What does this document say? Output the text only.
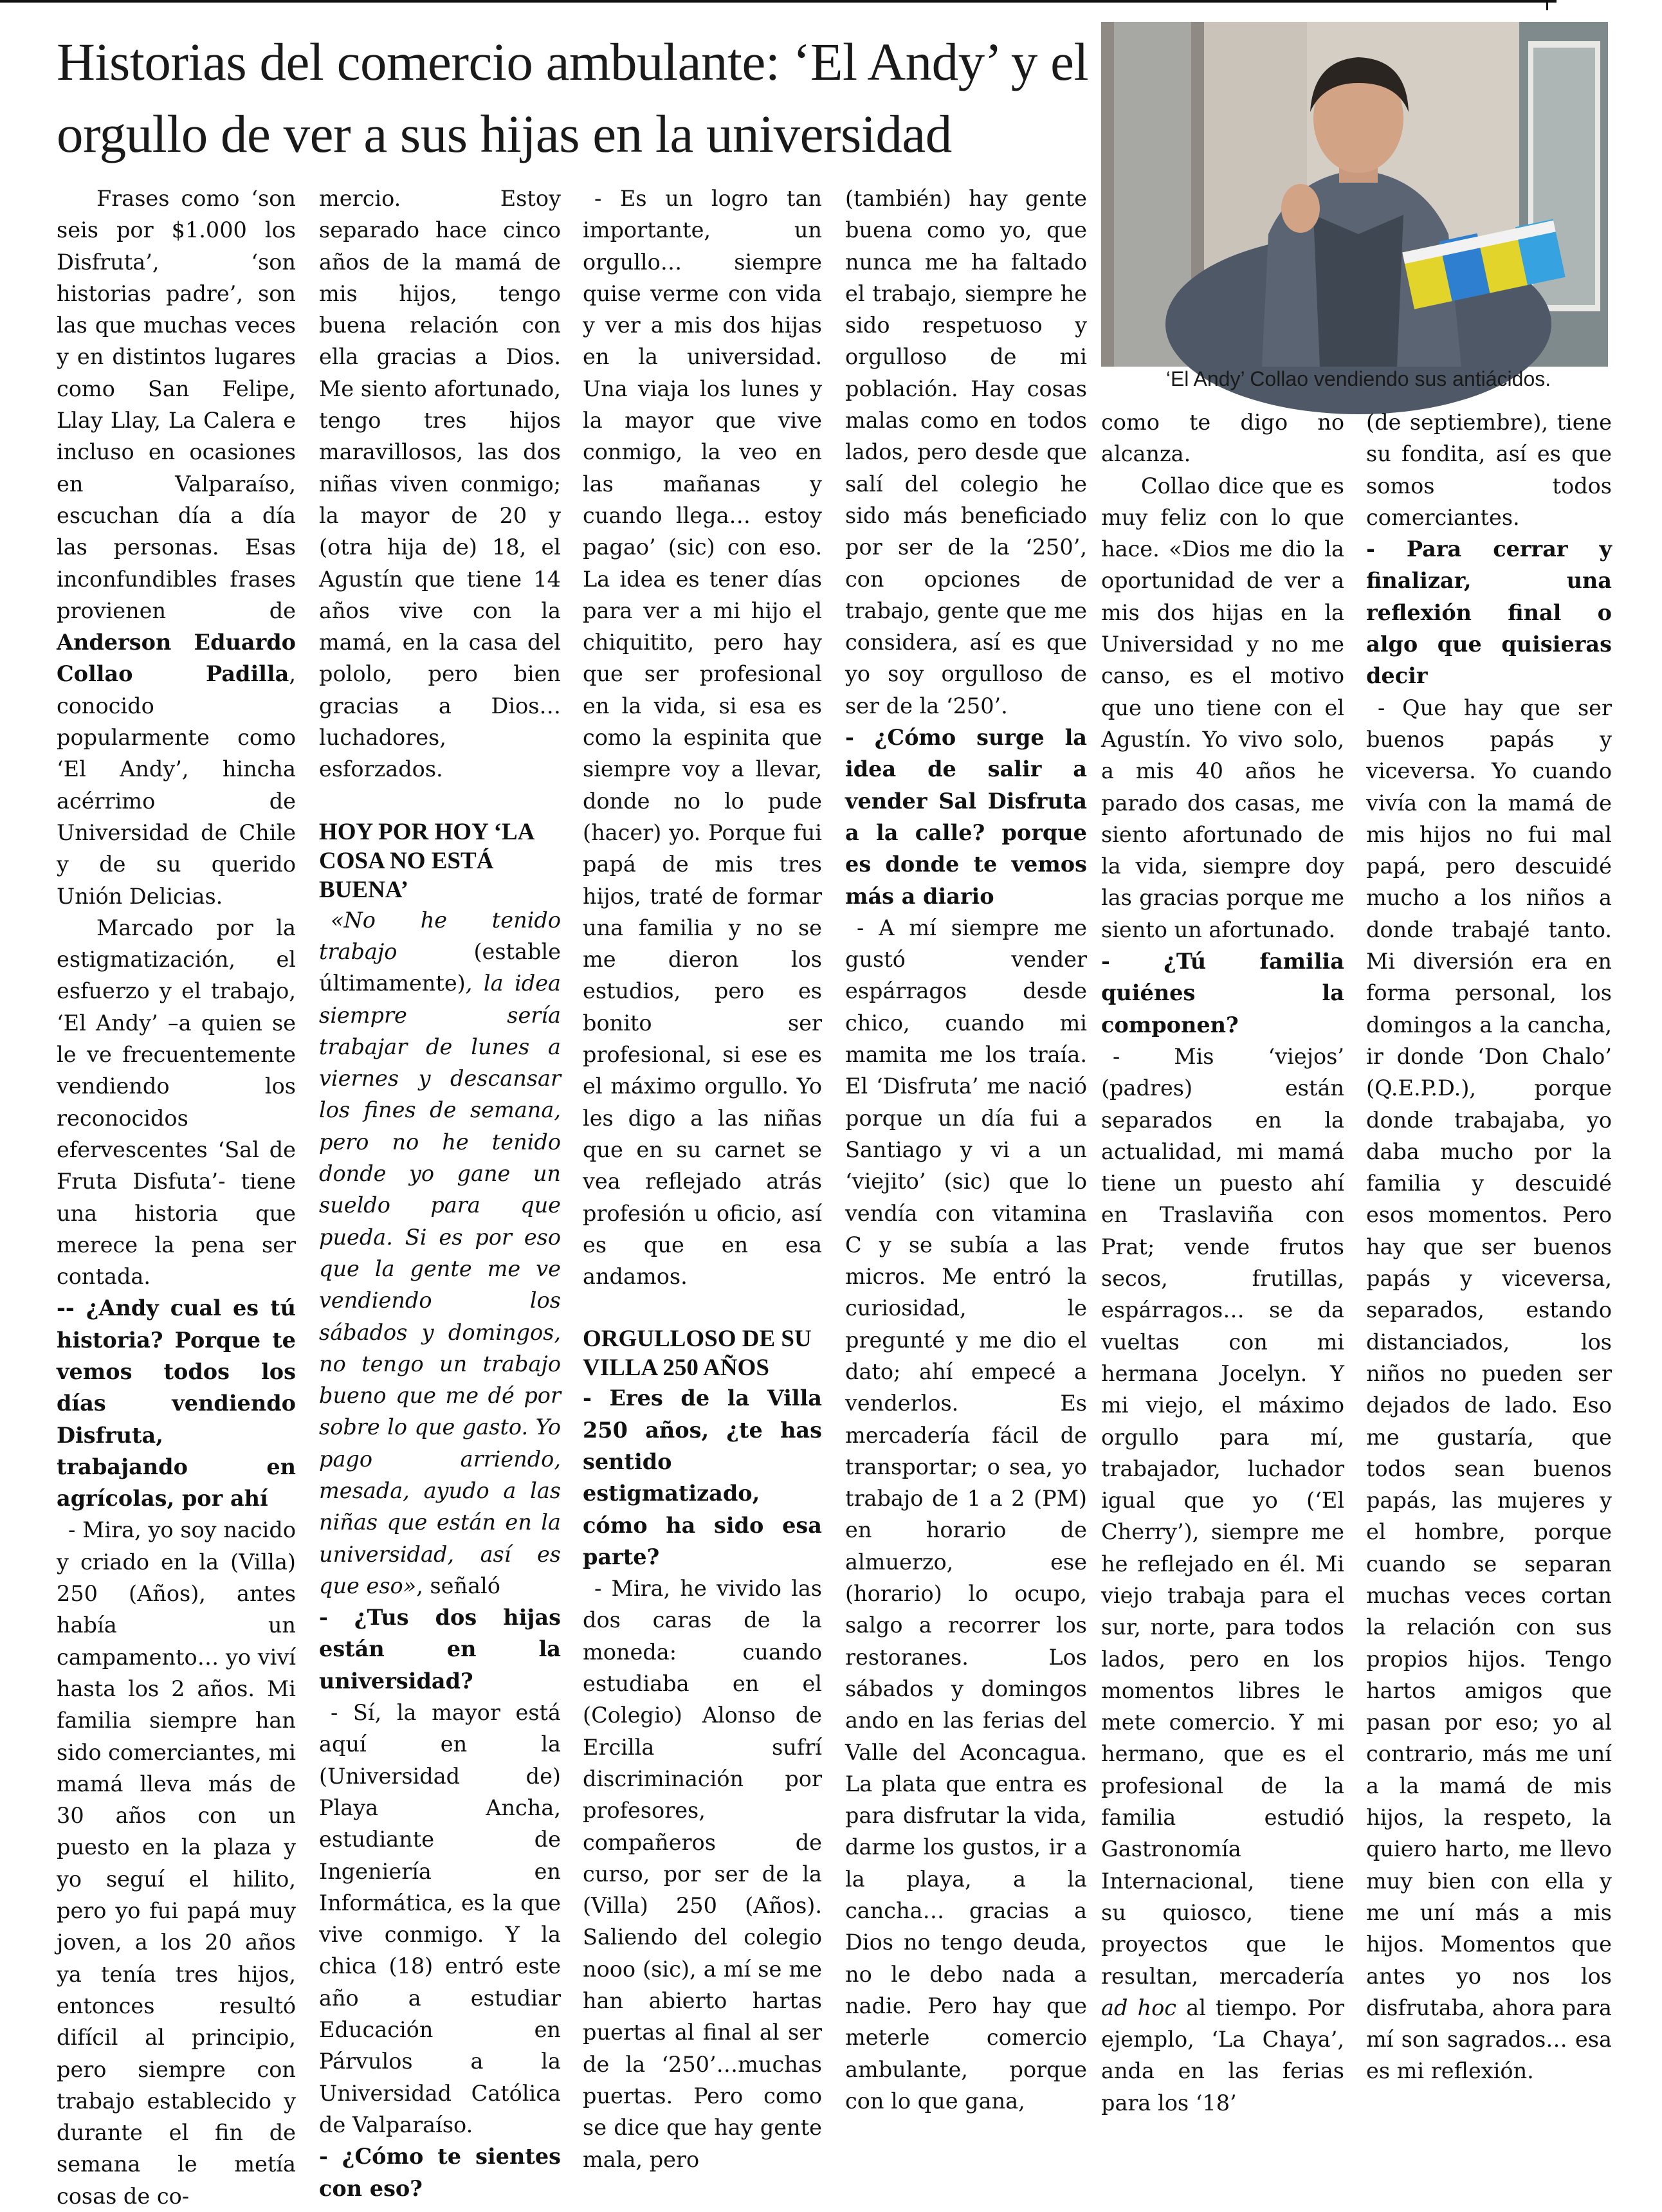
Historias del comercio ambulante: ‘El Andy’ y el orgullo de ver a sus hijas en la universidad

‘El Andy’ Collao vendiendo sus antiácidos.

Frases como ‘son seis por $1.000 los Disfruta’, ‘son historias padre’, son las que muchas veces y en distintos lugares como San Felipe, Llay Llay, La Calera e incluso en ocasiones en Valparaíso, escuchan día a día las personas. Esas inconfundibles frases provienen de Anderson Eduardo Collao Padilla, conocido popularmente como ‘El Andy’, hincha acérrimo de Universidad de Chile y de su querido Unión Delicias.

Marcado por la estigmatización, el esfuerzo y el trabajo, ‘El Andy’ –a quien se le ve frecuentemente vendiendo los reconocidos efervescentes ‘Sal de Fruta Disfuta’- tiene una historia que merece la pena ser contada.

-- ¿Andy cual es tú historia? Porque te vemos todos los días vendiendo Disfruta, trabajando en agrícolas, por ahí

- Mira, yo soy nacido y criado en la (Villa) 250 (Años), antes había un campamento… yo viví hasta los 2 años. Mi familia siempre han sido comerciantes, mi mamá lleva más de 30 años con un puesto en la plaza y yo seguí el hilito, pero yo fui papá muy joven, a los 20 años ya tenía tres hijos, entonces resultó difícil al principio, pero siempre con trabajo establecido y durante el fin de semana le metía cosas de co-

mercio. Estoy separado hace cinco años de la mamá de mis hijos, tengo buena relación con ella gracias a Dios. Me siento afortunado, tengo tres hijos maravillosos, las dos niñas viven conmigo; la mayor de 20 y (otra hija de) 18, el Agustín que tiene 14 años vive con la mamá, en la casa del pololo, pero bien gracias a Dios… luchadores, esforzados.

HOY POR HOY ‘LA COSA NO ESTÁ BUENA’

«No he tenido trabajo (estable últimamente), la idea siempre sería trabajar de lunes a viernes y descansar los fines de semana, pero no he tenido donde yo gane un sueldo para que pueda. Si es por eso que la gente me ve vendiendo los sábados y domingos, no tengo un trabajo bueno que me dé por sobre lo que gasto. Yo pago arriendo, mesada, ayudo a las niñas que están en la universidad, así es que eso», señaló

- ¿Tus dos hijas están en la universidad?

- Sí, la mayor está aquí en la (Universidad de) Playa Ancha, estudiante de Ingeniería en Informática, es la que vive conmigo. Y la chica (18) entró este año a estudiar Educación en Párvulos a la Universidad Católica de Valparaíso.

- ¿Cómo te sientes con eso?

- Es un logro tan importante, un orgullo… siempre quise verme con vida y ver a mis dos hijas en la universidad. Una viaja los lunes y la mayor que vive conmigo, la veo en las mañanas y cuando llega… estoy pagao’ (sic) con eso. La idea es tener días para ver a mi hijo el chiquitito, pero hay que ser profesional en la vida, si esa es como la espinita que siempre voy a llevar, donde no lo pude (hacer) yo. Porque fui papá de mis tres hijos, traté de formar una familia y no se me dieron los estudios, pero es bonito ser profesional, si ese es el máximo orgullo. Yo les digo a las niñas que en su carnet se vea reflejado atrás profesión u oficio, así es que en esa andamos.

ORGULLOSO DE SU VILLA 250 AÑOS

- Eres de la Villa 250 años, ¿te has sentido estigmatizado, cómo ha sido esa parte?

- Mira, he vivido las dos caras de la moneda: cuando estudiaba en el (Colegio) Alonso de Ercilla sufrí discriminación por profesores, compañeros de curso, por ser de la (Villa) 250 (Años). Saliendo del colegio nooo (sic), a mí se me han abierto hartas puertas al final al ser de la ‘250’…muchas puertas. Pero como se dice que hay gente mala, pero

(también) hay gente buena como yo, que nunca me ha faltado el trabajo, siempre he sido respetuoso y orgulloso de mi población. Hay cosas malas como en todos lados, pero desde que salí del colegio he sido más beneficiado por ser de la ‘250’, con opciones de trabajo, gente que me considera, así es que yo soy orgulloso de ser de la ‘250’.

- ¿Cómo surge la idea de salir a vender Sal Disfruta a la calle? porque es donde te vemos más a diario

- A mí siempre me gustó vender espárragos desde chico, cuando mi mamita me los traía. El ‘Disfruta’ me nació porque un día fui a Santiago y vi a un ‘viejito’ (sic) que lo vendía con vitamina C y se subía a las micros. Me entró la curiosidad, le pregunté y me dio el dato; ahí empecé a venderlos. Es mercadería fácil de transportar; o sea, yo trabajo de 1 a 2 (PM) en horario de almuerzo, ese (horario) lo ocupo, salgo a recorrer los restoranes. Los sábados y domingos ando en las ferias del Valle del Aconcagua. La plata que entra es para disfrutar la vida, darme los gustos, ir a la playa, a la cancha… gracias a Dios no tengo deuda, no le debo nada a nadie. Pero hay que meterle comercio ambulante, porque con lo que gana,

como te digo no alcanza.

Collao dice que es muy feliz con lo que hace. «Dios me dio la oportunidad de ver a mis dos hijas en la Universidad y no me canso, es el motivo que uno tiene con el Agustín. Yo vivo solo, a mis 40 años he parado dos casas, me siento afortunado de la vida, siempre doy las gracias porque me siento un afortunado.

- ¿Tú familia quiénes la componen?

- Mis ‘viejos’ (padres) están separados en la actualidad, mi mamá tiene un puesto ahí en Traslaviña con Prat; vende frutos secos, frutillas, espárragos… se da vueltas con mi hermana Jocelyn. Y mi viejo, el máximo orgullo para mí, trabajador, luchador igual que yo (‘El Cherry’), siempre me he reflejado en él. Mi viejo trabaja para el sur, norte, para todos lados, pero en los momentos libres le mete comercio. Y mi hermano, que es el profesional de la familia estudió Gastronomía Internacional, tiene su quiosco, tiene proyectos que le resultan, mercadería ad hoc al tiempo. Por ejemplo, ‘La Chaya’, anda en las ferias para los ‘18’

(de septiembre), tiene su fondita, así es que somos todos comerciantes.

- Para cerrar y finalizar, una reflexión final o algo que quisieras decir

- Que hay que ser buenos papás y viceversa. Yo cuando vivía con la mamá de mis hijos no fui mal papá, pero descuidé mucho a los niños a donde trabajé tanto. Mi diversión era en forma personal, los domingos a la cancha, ir donde ‘Don Chalo’ (Q.E.P.D.), porque donde trabajaba, yo daba mucho por la familia y descuidé esos momentos. Pero hay que ser buenos papás y viceversa, separados, estando distanciados, los niños no pueden ser dejados de lado. Eso me gustaría, que todos sean buenos papás, las mujeres y el hombre, porque cuando se separan muchas veces cortan la relación con sus propios hijos. Tengo hartos amigos que pasan por eso; yo al contrario, más me uní a la mamá de mis hijos, la respeto, la quiero harto, me llevo muy bien con ella y me uní más a mis hijos. Momentos que antes yo nos los disfrutaba, ahora para mí son sagrados… esa es mi reflexión.
